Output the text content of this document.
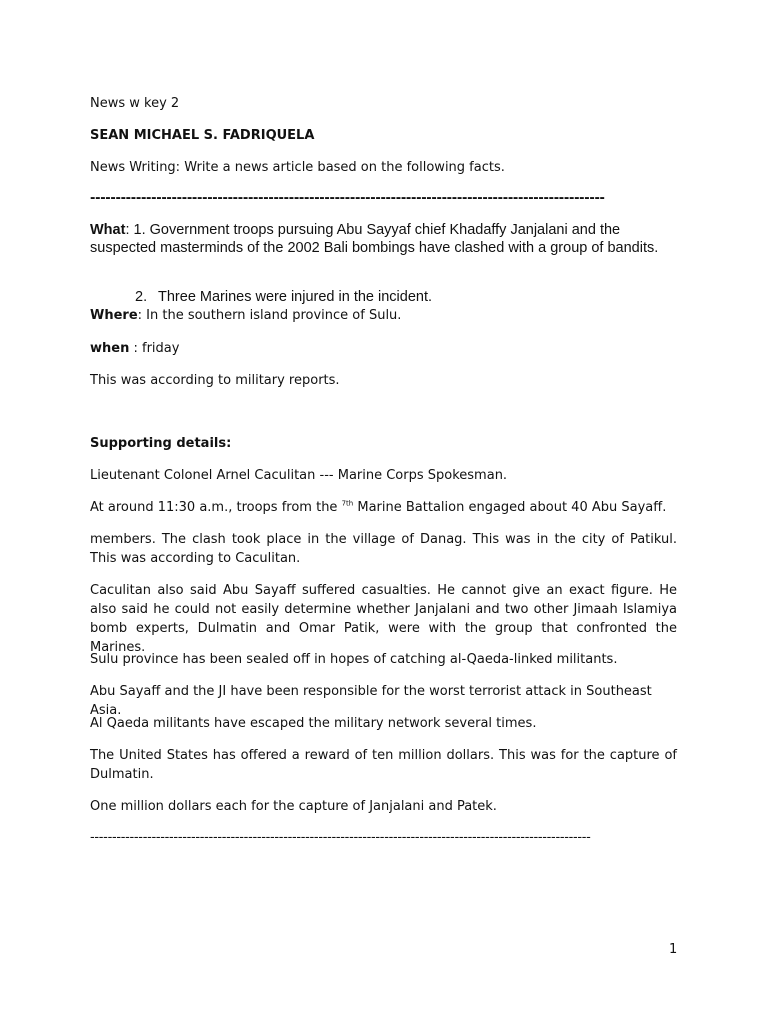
News w key 2

SEAN MICHAEL S. FADRIQUELA

News Writing: Write a news article based on the following facts.

-----------------------------------------------------------------------------------------------------

What: 1. Government troops pursuing Abu Sayyaf chief Khadaffy Janjalani and the suspected masterminds of the 2002 Bali bombings have clashed with a group of bandits.

2. Three Marines were injured in the incident.

Where: In the southern island province of Sulu.

when : friday

This was according to military reports.

Supporting details:

Lieutenant Colonel Arnel Caculitan --- Marine Corps Spokesman.

At around 11:30 a.m., troops from the $^{7th}$ Marine Battalion engaged about 40 Abu Sayaff.

members. The clash took place in the village of Danag. This was in the city of Patikul. This was according to Caculitan.

Caculitan also said Abu Sayaff suffered casualties. He cannot give an exact figure. He also said he could not easily determine whether Janjalani and two other Jimaah Islamiya bomb experts, Dulmatin and Omar Patik, were with the group that confronted the Marines.

Sulu province has been sealed off in hopes of catching al-Qaeda-linked militants.

Abu Sayaff and the JI have been responsible for the worst terrorist attack in Southeast Asia.

Al Qaeda militants have escaped the military network several times.

The United States has offered a reward of ten million dollars. This was for the capture of Dulmatin.

One million dollars each for the capture of Janjalani and Patek.

------------------------------------------------------------------------------------------------------------------

1
